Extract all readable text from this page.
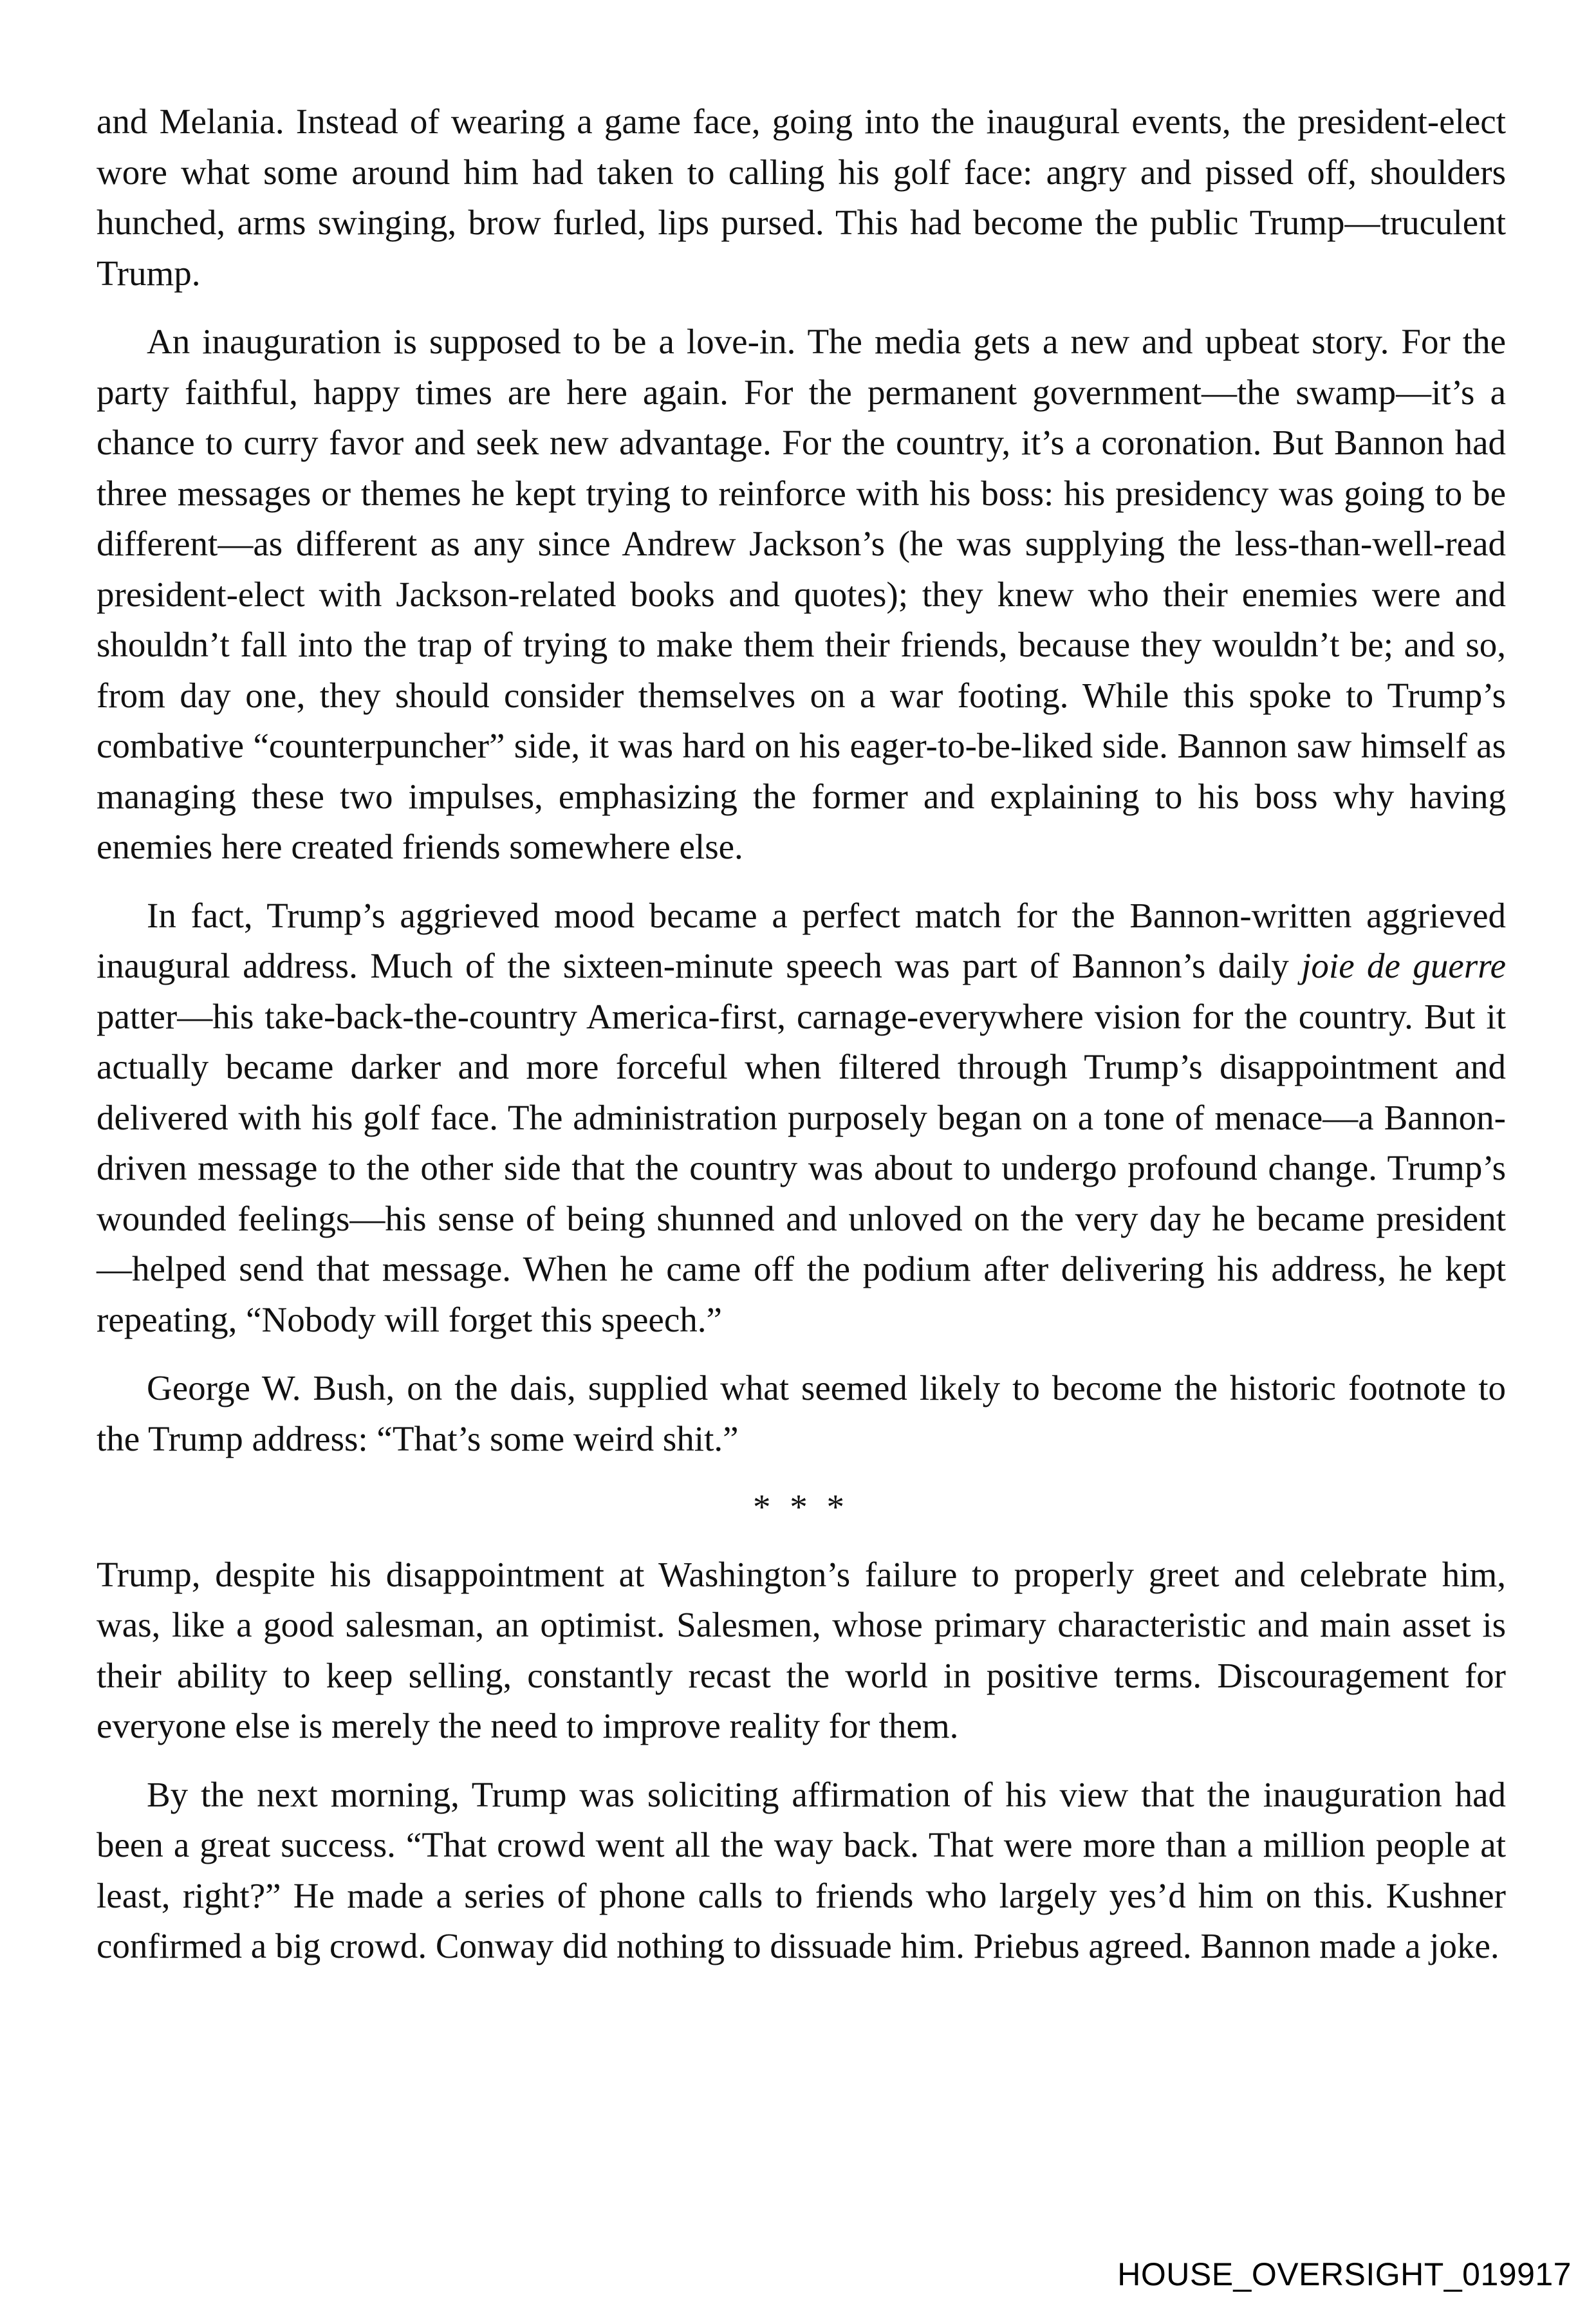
and Melania. Instead of wearing a game face, going into the inaugural events, the president-elect wore what some around him had taken to calling his golf face: angry and pissed off, shoulders hunched, arms swinging, brow furled, lips pursed. This had become the public Trump—truculent Trump.

An inauguration is supposed to be a love-in. The media gets a new and upbeat story. For the party faithful, happy times are here again. For the permanent government—the swamp—it’s a chance to curry favor and seek new advantage. For the country, it’s a coronation. But Bannon had three messages or themes he kept trying to reinforce with his boss: his presidency was going to be different—as different as any since Andrew Jackson’s (he was supplying the less-than-well-read president-elect with Jackson-related books and quotes); they knew who their enemies were and shouldn’t fall into the trap of trying to make them their friends, because they wouldn’t be; and so, from day one, they should consider themselves on a war footing. While this spoke to Trump’s combative “counterpuncher” side, it was hard on his eager-to-be-liked side. Bannon saw himself as managing these two impulses, emphasizing the former and explaining to his boss why having enemies here created friends somewhere else.

In fact, Trump’s aggrieved mood became a perfect match for the Bannon-written aggrieved inaugural address. Much of the sixteen-minute speech was part of Bannon’s daily joie de guerre patter—his take-back-the-country America-first, carnage-everywhere vision for the country. But it actually became darker and more forceful when filtered through Trump’s disappointment and delivered with his golf face. The administration purposely began on a tone of menace—a Bannon-driven message to the other side that the country was about to undergo profound change. Trump’s wounded feelings—his sense of being shunned and unloved on the very day he became president—helped send that message. When he came off the podium after delivering his address, he kept repeating, “Nobody will forget this speech.”

George W. Bush, on the dais, supplied what seemed likely to become the historic footnote to the Trump address: “That’s some weird shit.”

* * *

Trump, despite his disappointment at Washington’s failure to properly greet and celebrate him, was, like a good salesman, an optimist. Salesmen, whose primary characteristic and main asset is their ability to keep selling, constantly recast the world in positive terms. Discouragement for everyone else is merely the need to improve reality for them.

By the next morning, Trump was soliciting affirmation of his view that the inauguration had been a great success. “That crowd went all the way back. That were more than a million people at least, right?” He made a series of phone calls to friends who largely yes’d him on this. Kushner confirmed a big crowd. Conway did nothing to dissuade him. Priebus agreed. Bannon made a joke.

HOUSE_OVERSIGHT_019917
